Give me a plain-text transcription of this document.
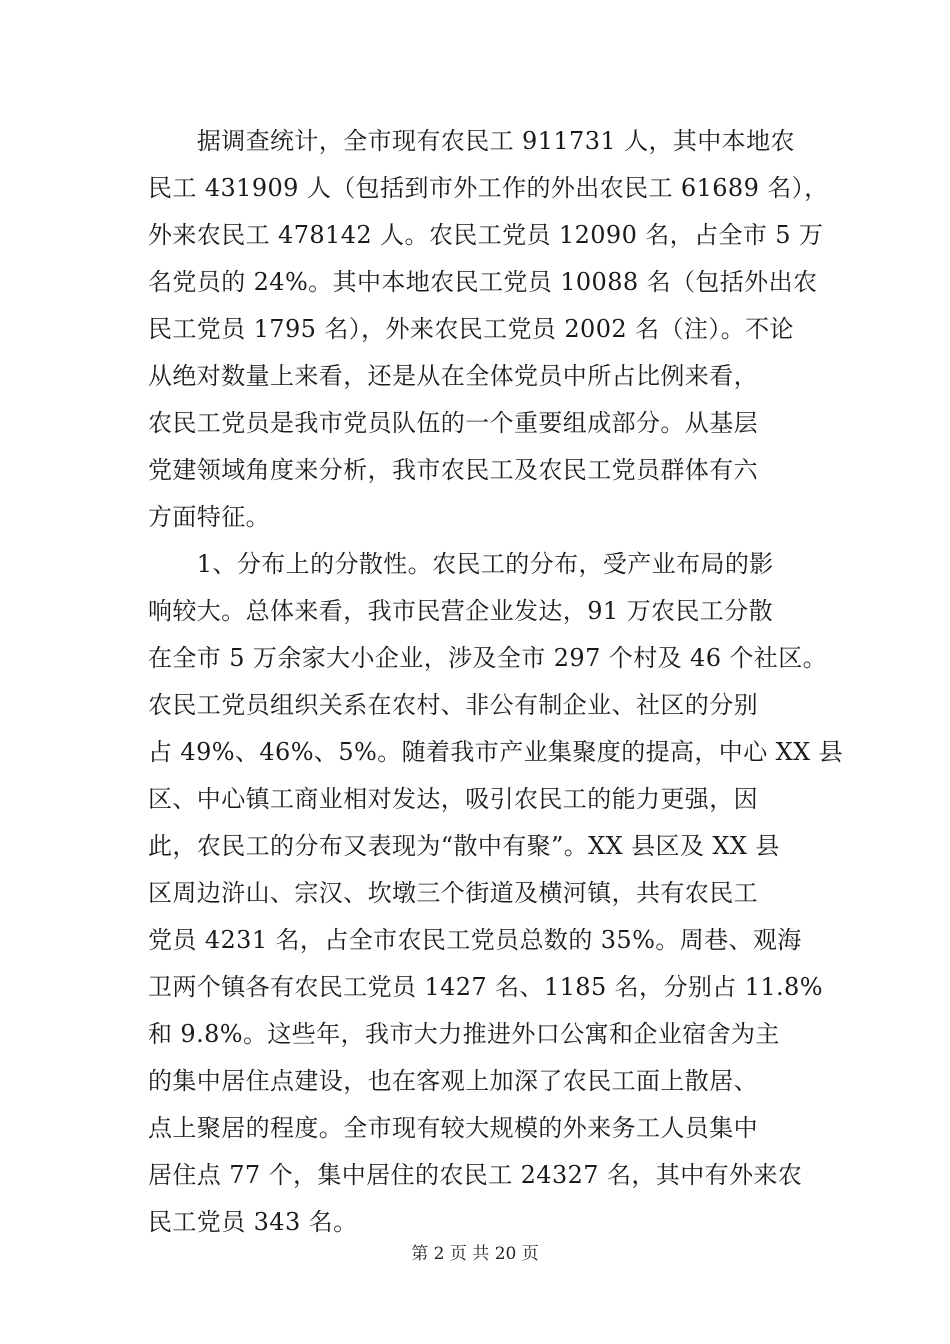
　　据调查统计，全市现有农民工 911731 人，其中本地农
民工 431909 人（包括到市外工作的外出农民工 61689 名），
外来农民工 478142 人。农民工党员 12090 名，占全市 5 万
名党员的 24%。其中本地农民工党员 10088 名（包括外出农
民工党员 1795 名），外来农民工党员 2002 名（注）。不论
从绝对数量上来看，还是从在全体党员中所占比例来看，
农民工党员是我市党员队伍的一个重要组成部分。从基层
党建领域角度来分析，我市农民工及农民工党员群体有六
方面特征。
　　1、分布上的分散性。农民工的分布，受产业布局的影
响较大。总体来看，我市民营企业发达，91 万农民工分散
在全市 5 万余家大小企业，涉及全市 297 个村及 46 个社区。
农民工党员组织关系在农村、非公有制企业、社区的分别
占 49%、46%、5%。随着我市产业集聚度的提高，中心 XX 县
区、中心镇工商业相对发达，吸引农民工的能力更强，因
此，农民工的分布又表现为“散中有聚”。XX 县区及 XX 县
区周边浒山、宗汉、坎墩三个街道及横河镇，共有农民工
党员 4231 名，占全市农民工党员总数的 35%。周巷、观海
卫两个镇各有农民工党员 1427 名、1185 名，分别占 11.8%
和 9.8%。这些年，我市大力推进外口公寓和企业宿舍为主
的集中居住点建设，也在客观上加深了农民工面上散居、
点上聚居的程度。全市现有较大规模的外来务工人员集中
居住点 77 个，集中居住的农民工 24327 名，其中有外来农
民工党员 343 名。
第 2 页 共 20 页
